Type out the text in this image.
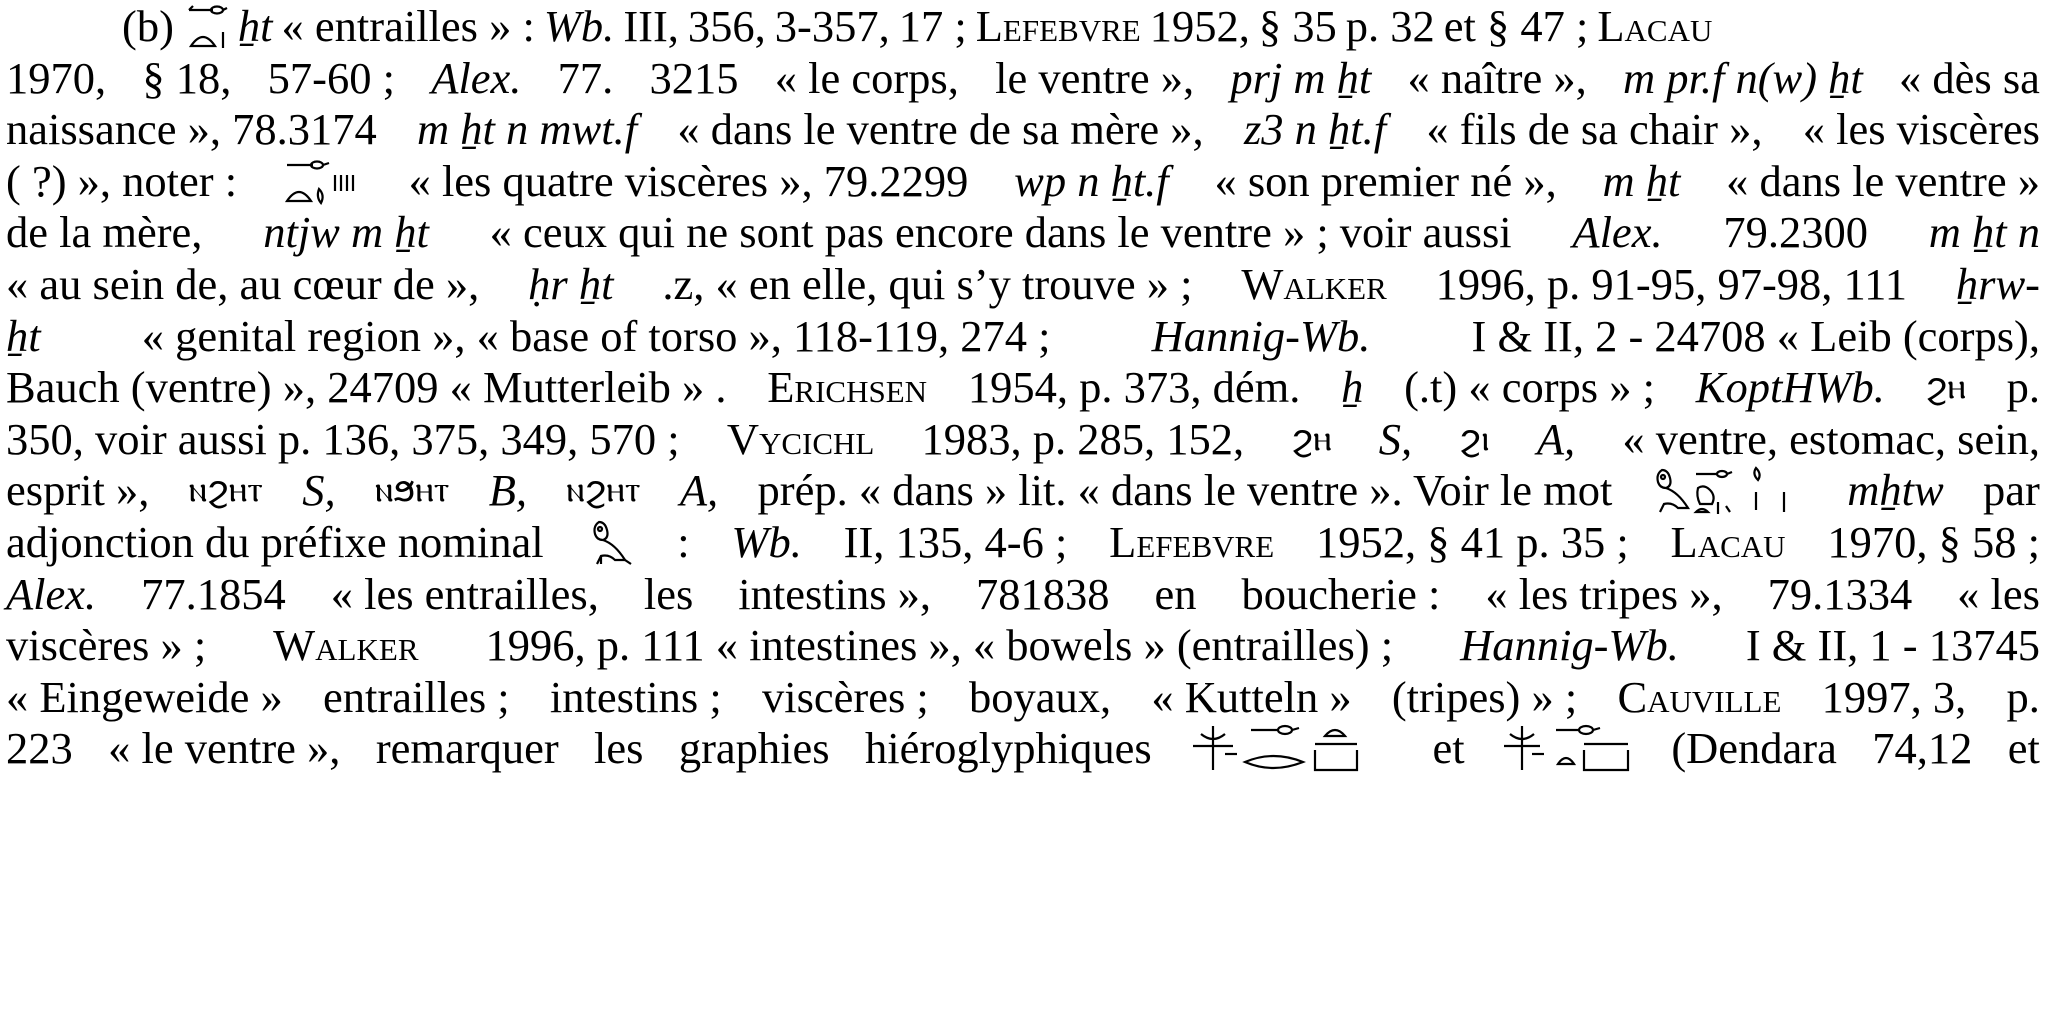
(b)

ẖt « entrailles » : Wb. III, 356, 3-357, 17 ; Lefebvre 1952, § 35 p. 32 et § 47 ; Lacau
1970, § 18, 57-60 ; Alex. 77. 3215 « le corps, le ventre », prj m ẖt « naître », m pr.f n(w) ẖt « dès sa
naissance », 78.3174 m ẖt n mwt.f « dans le ventre de sa mère », z3 n ẖt.f « fils de sa chair », « les viscères
( ?) », noter :

	« les quatre viscères », 79.2299 wp n ẖt.f « son premier né », m ẖt « dans le ventre »
de la mère, ntjw m ẖt « ceux qui ne sont pas encore dans le ventre » ; voir aussi Alex. 79.2300 m ẖt n
« au sein de, au cœur de », ḥr ẖt .z, « en elle, qui s’y trouve » ; Walker 1996, p. 91-95, 97-98, 111 ẖrw-
ẖt « genital region », « base of torso », 118-119, 274 ; Hannig-Wb. I & II, 2 - 24708 « Leib (corps),
Bauch (ventre) », 24709 « Mutterleib » . Erichsen 1954, p. 373, dém. ẖ (.t) « corps » ; KoptHWb. ϩⲏ p.
350, voir aussi p. 136, 375, 349, 570 ; Vycichl 1983, p. 285, 152, ϩⲏ S, ϩⲓ A, « ventre, estomac, sein,
esprit », ⲛϩⲏⲧ S, ⲛϧⲏⲧ B, ⲛϩⲏⲧ A, prép. « dans » lit. « dans le ventre ». Voir le mot

	mẖtw par
adjonction du préfixe nominal

	: Wb. II, 135, 4-6 ; Lefebvre 1952, § 41 p. 35 ; Lacau 1970, § 58 ;
Alex. 77.1854 « les entrailles, les intestins », 781838 en boucherie : « les tripes », 79.1334 « les
viscères » ; Walker 1996, p. 111 « intestines », « bowels » (entrailles) ; Hannig-Wb. I & II, 1 - 13745
« Eingeweide » entrailles ; intestins ; viscères ; boyaux, « Kutteln » (tripes) » ; Cauville 1997, 3, p.
223 « le ventre », remarquer les graphies hiéroglyphiques

	et

	(Dendara 74,12 et
